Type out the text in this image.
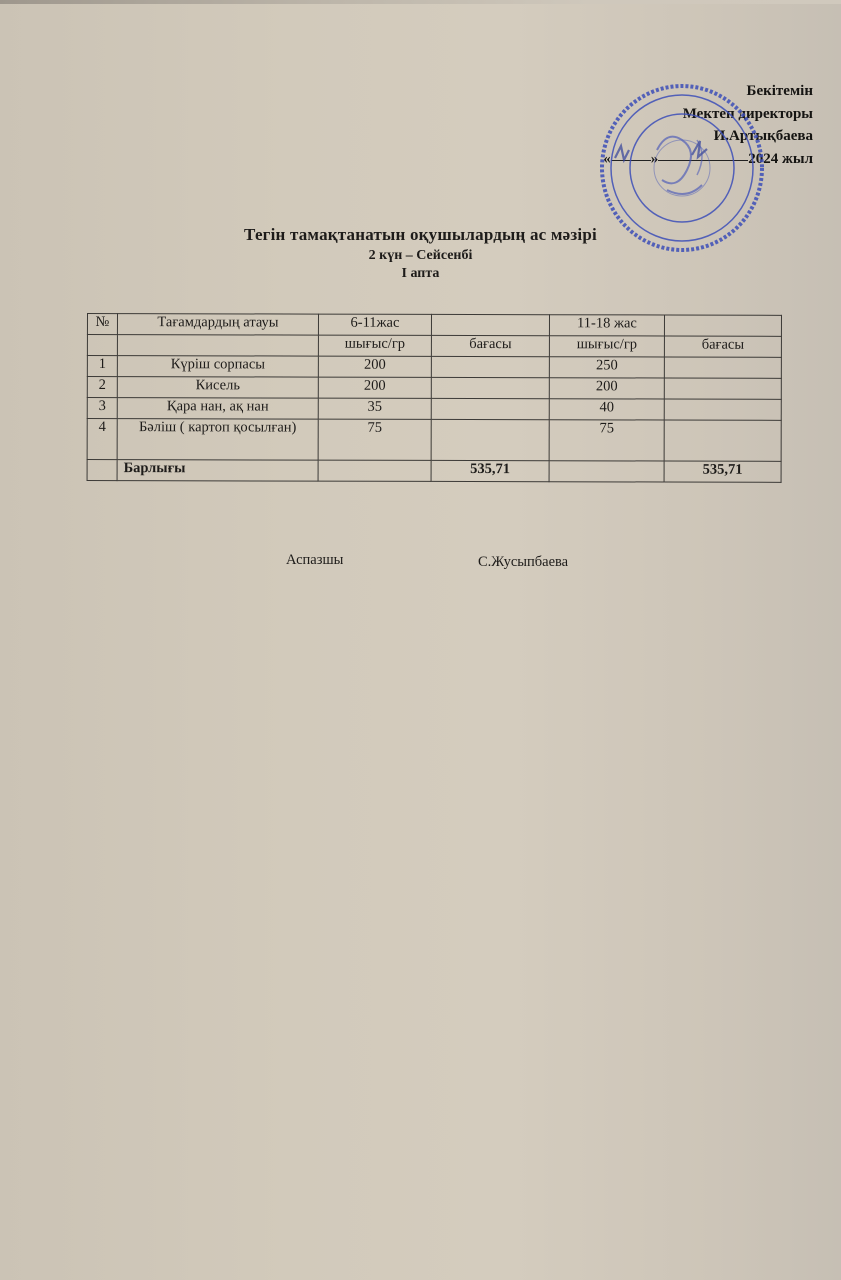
Бекітемін
Мектеп директоры
И.Артықбаева
«	»	2024 жыл
Тегін тамақтанатын оқушылардың ас мәзірі
2 күн – Сейсенбі
I апта
№	Тағамдардың атауы	6-11жас		11-18 жас	
		шығыс/гр	бағасы	шығыс/гр	бағасы
1	Күріш сорпасы	200		250	
2	Кисель	200		200	
3	Қара нан, ақ нан	35		40	
4	Бәліш ( картоп қосылған)	75		75	
	Барлығы		535,71		535,71
Аспазшы	С.Жусыпбаева
